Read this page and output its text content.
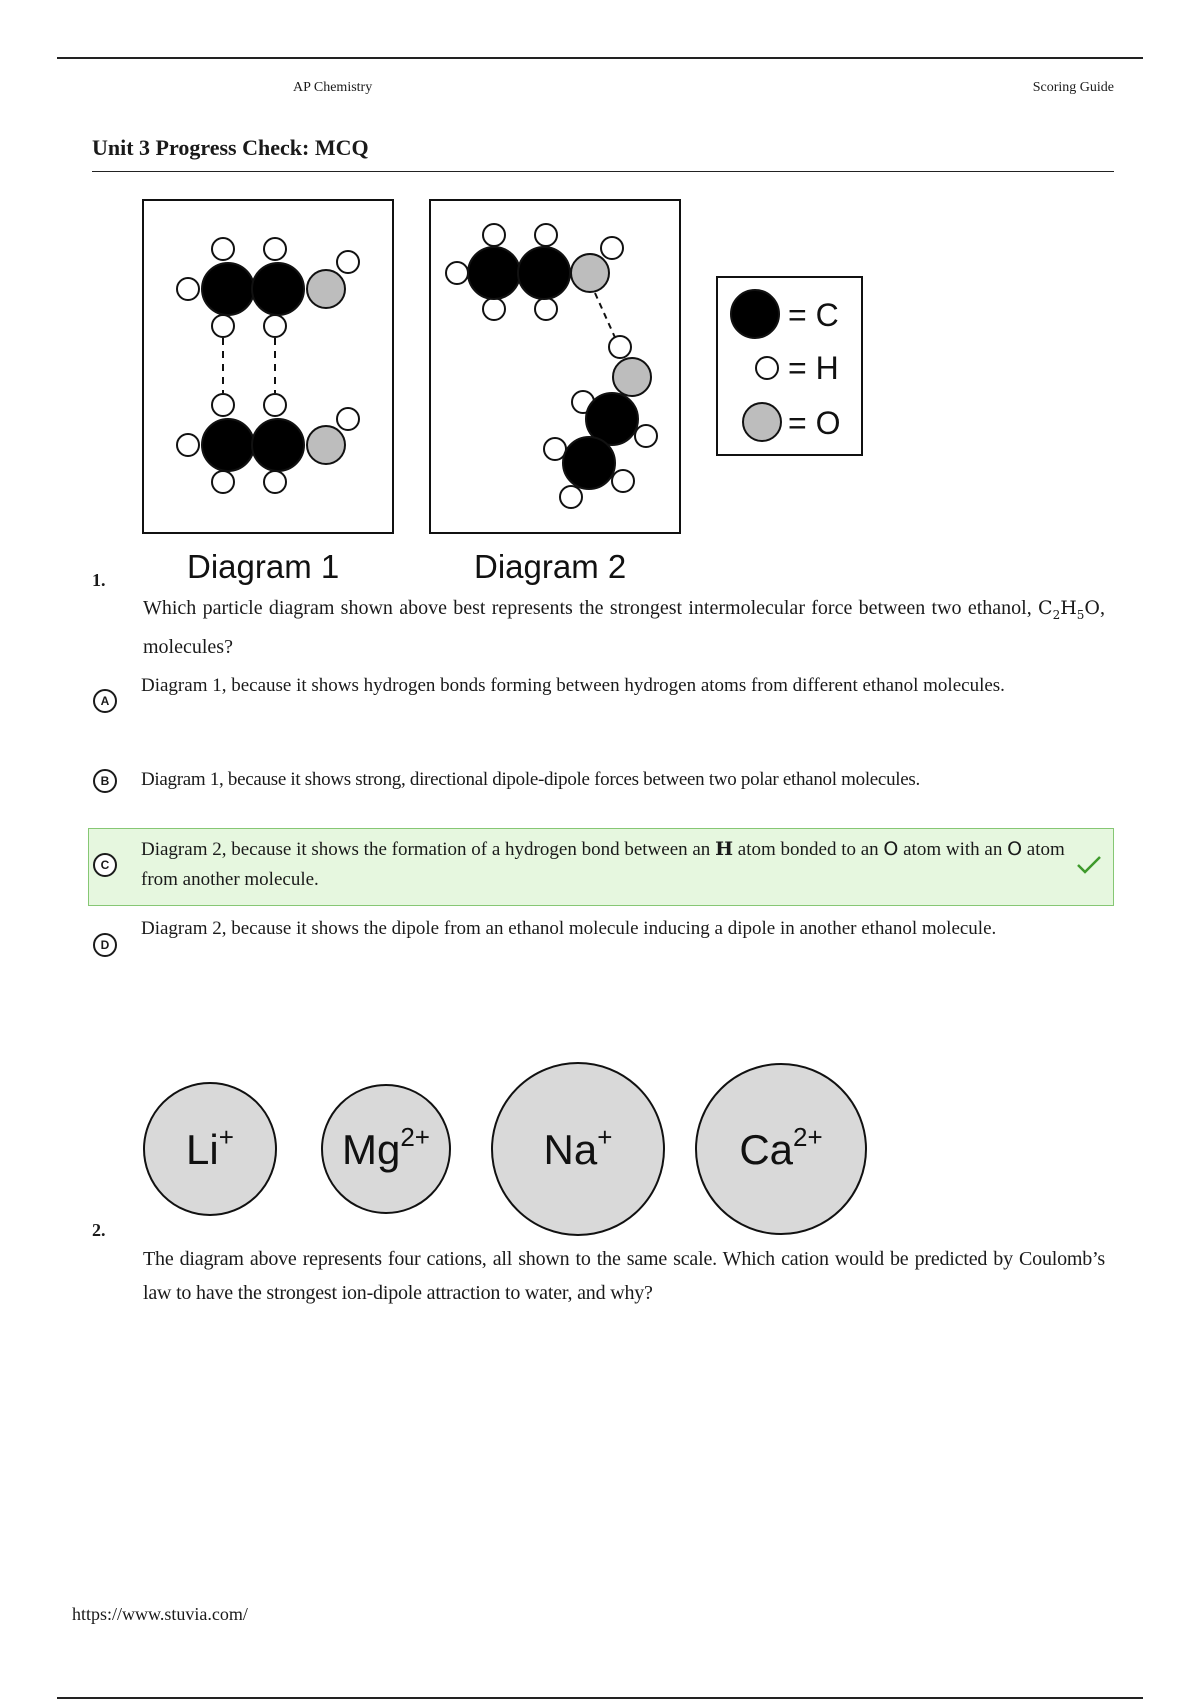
AP Chemistry	Scoring Guide
Unit 3 Progress Check: MCQ
= C
= H
= O
1. Diagram 1	Diagram 2
Which particle diagram shown above best represents the strongest intermolecular force between two ethanol, $C_2H_5O$, molecules?
A
Diagram 1, because it shows hydrogen bonds forming between hydrogen atoms from different ethanol molecules.
B	Diagram 1, because it shows strong, directional dipole-dipole forces between two polar ethanol molecules.
C
Diagram 2, because it shows the formation of a hydrogen bond between an H atom bonded to an O atom with an O atom from another molecule.
D
Diagram 2, because it shows the dipole from an ethanol molecule inducing a dipole in another ethanol molecule.
Li+	$Mg^{2+}$	Na+	$Ca^{2+}$
2.
The diagram above represents four cations, all shown to the same scale. Which cation would be predicted by Coulomb’s law to have the strongest ion-dipole attraction to water, and why?
https://www.stuvia.com/
